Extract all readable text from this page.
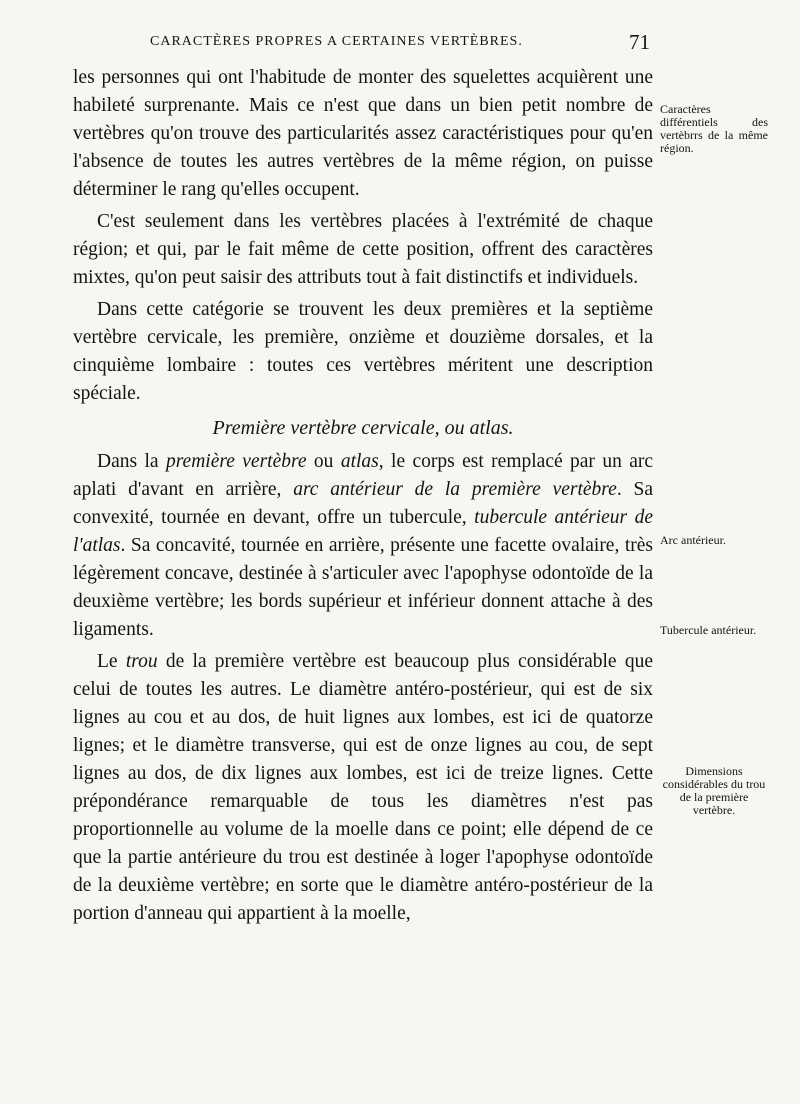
CARACTÈRES PROPRES A CERTAINES VERTÈBRES.	71

les personnes qui ont l'habitude de monter des squelettes acquièrent une habileté surprenante. Mais ce n'est que dans un bien petit nombre de vertèbres qu'on trouve des particularités assez caractéristiques pour qu'en l'absence de toutes les autres vertèbres de la même région, on puisse déterminer le rang qu'elles occupent.

C'est seulement dans les vertèbres placées à l'extrémité de chaque région; et qui, par le fait même de cette position, offrent des caractères mixtes, qu'on peut saisir des attributs tout à fait distinctifs et individuels.

Dans cette catégorie se trouvent les deux premières et la septième vertèbre cervicale, les première, onzième et douzième dorsales, et la cinquième lombaire : toutes ces vertèbres méritent une description spéciale.

Première vertèbre cervicale, ou atlas.

Dans la première vertèbre ou atlas, le corps est remplacé par un arc aplati d'avant en arrière, arc antérieur de la première vertèbre. Sa convexité, tournée en devant, offre un tubercule, tubercule antérieur de l'atlas. Sa concavité, tournée en arrière, présente une facette ovalaire, très légèrement concave, destinée à s'articuler avec l'apophyse odontoïde de la deuxième vertèbre; les bords supérieur et inférieur donnent attache à des ligaments.

Le trou de la première vertèbre est beaucoup plus considérable que celui de toutes les autres. Le diamètre antéro-postérieur, qui est de six lignes au cou et au dos, de huit lignes aux lombes, est ici de quatorze lignes; et le diamètre transverse, qui est de onze lignes au cou, de sept lignes au dos, de dix lignes aux lombes, est ici de treize lignes. Cette prépondérance remarquable de tous les diamètres n'est pas proportionnelle au volume de la moelle dans ce point; elle dépend de ce que la partie antérieure du trou est destinée à loger l'apophyse odontoïde de la deuxième vertèbre; en sorte que le diamètre antéro-postérieur de la portion d'anneau qui appartient à la moelle,

Caractères différentiels des vertèbrrs de la même région.
Arc antérieur.
Tubercule antérieur.
Dimensions considérables du trou de la première vertèbre.
